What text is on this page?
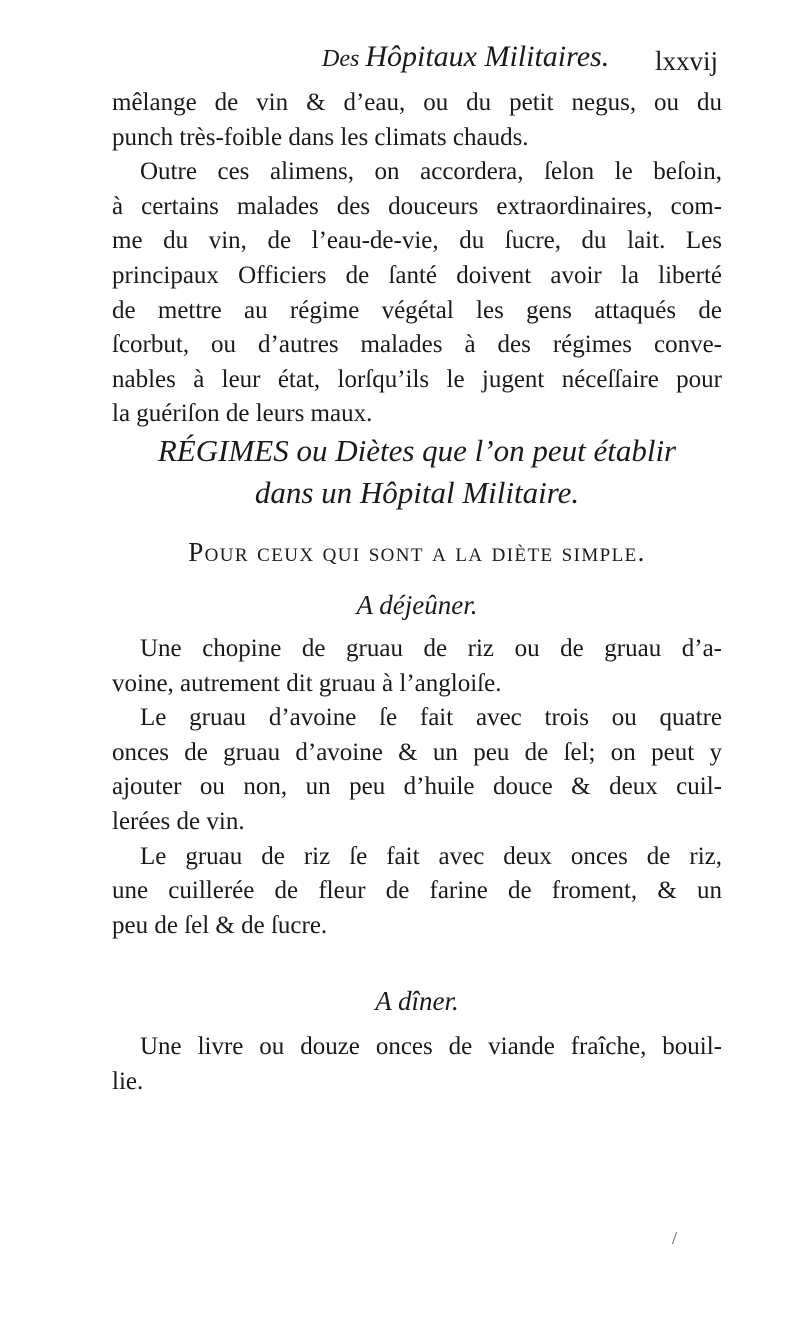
Des Hôpitaux Militaires. lxxvij
mêlange de vin & d’eau, ou du petit negus, ou du
punch très-foible dans les climats chauds.
Outre ces alimens, on accordera, ſelon le beſoin,
à certains malades des douceurs extraordinaires, com-
me du vin, de l’eau-de-vie, du ſucre, du lait. Les
principaux Officiers de ſanté doivent avoir la liberté
de mettre au régime végétal les gens attaqués de
ſcorbut, ou d’autres malades à des régimes conve-
nables à leur état, lorſqu’ils le jugent néceſſaire pour
la guériſon de leurs maux.
RÉGIMES ou Diètes que l’on peut établir
dans un Hôpital Militaire.
Pour ceux qui sont a la diète simple.
A déjeûner.
Une chopine de gruau de riz ou de gruau d’a-
voine, autrement dit gruau à l’angloiſe.
Le gruau d’avoine ſe fait avec trois ou quatre
onces de gruau d’avoine & un peu de ſel; on peut y
ajouter ou non, un peu d’huile douce & deux cuil-
lerées de vin.
Le gruau de riz ſe fait avec deux onces de riz,
une cuillerée de fleur de farine de froment, & un
peu de ſel & de ſucre.
A dîner.
Une livre ou douze onces de viande fraîche, bouil-
lie.
/
